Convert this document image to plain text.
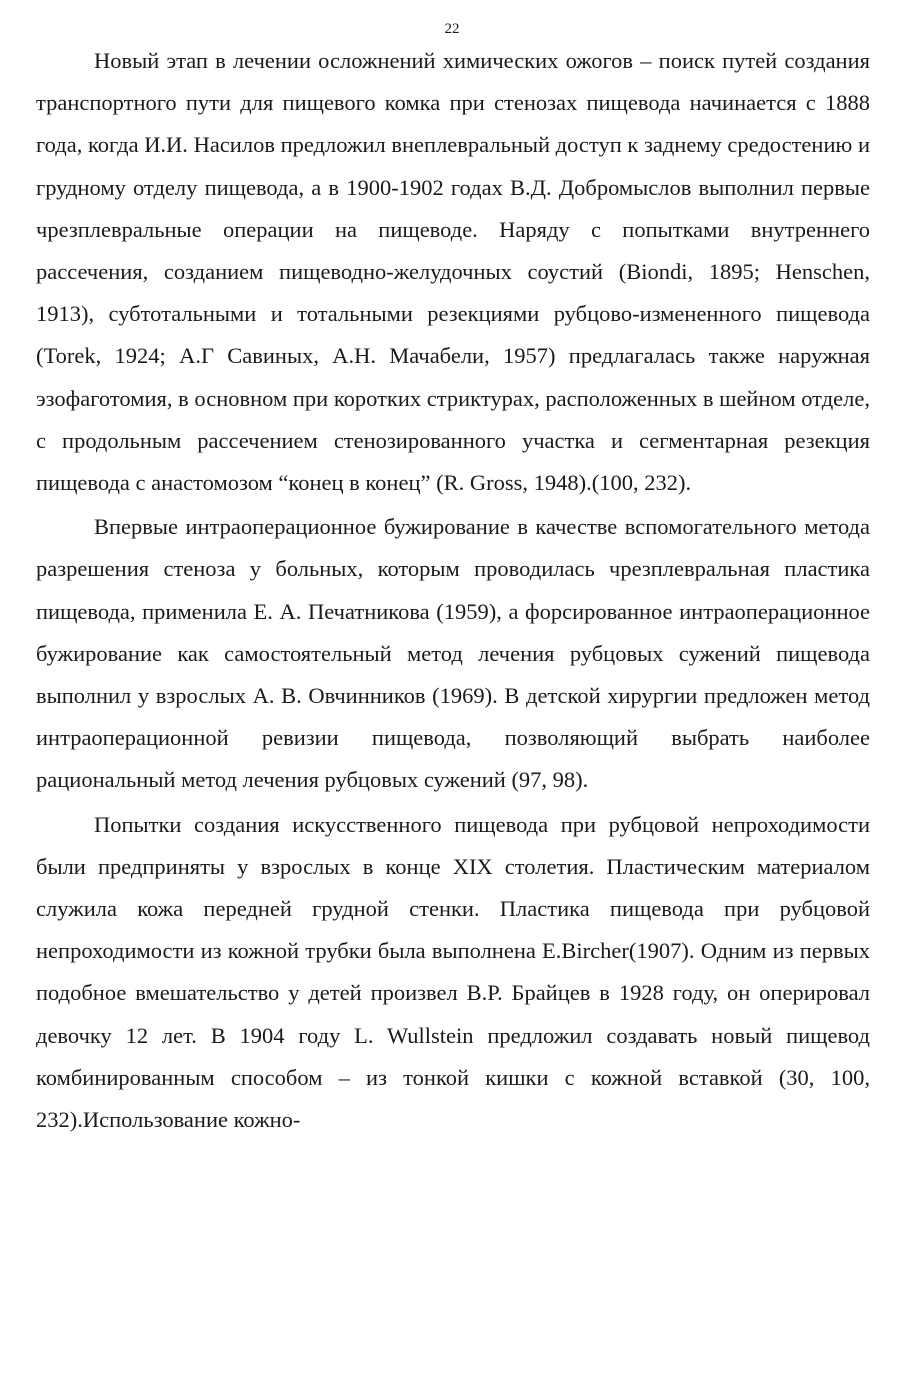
22

Новый этап в лечении осложнений химических ожогов – поиск путей создания транспортного пути для пищевого комка при стенозах пищевода начинается с 1888 года, когда И.И. Насилов предложил внеплевральный доступ к заднему средостению и грудному отделу пищевода, а в 1900-1902 годах В.Д. Добромыслов выполнил первые чрезплевральные операции на пищеводе. Наряду с попытками внутреннего рассечения, созданием пищеводно-желудочных соустий (Biondi, 1895; Henschen, 1913), субтотальными и тотальными резекциями рубцово-измененного пищевода (Torek, 1924; А.Г Савиных, А.Н. Мачабели, 1957) предлагалась также наружная эзофаготомия, в основном при коротких стриктурах, расположенных в шейном отделе, с продольным рассечением стенозированного участка и сегментарная резекция пищевода с анастомозом “конец в конец” (R. Gross, 1948).(100, 232).

Впервые интраоперационное бужирование в качестве вспомогательного метода разрешения стеноза у больных, которым проводилась чрезплевральная пластика пищевода, применила Е. А. Печатникова (1959), а форсированное интраоперационное бужирование как самостоятельный метод лечения рубцовых сужений пищевода выполнил у взрослых А. В. Овчинников (1969). В детской хирургии предложен метод интраоперационной ревизии пищевода, позволяющий выбрать наиболее рациональный метод лечения рубцовых сужений (97, 98).

Попытки создания искусственного пищевода при рубцовой непроходимости были предприняты у взрослых в конце XIX столетия. Пластическим материалом служила кожа передней грудной стенки. Пластика пищевода при рубцовой непроходимости из кожной трубки была выполнена E.Bircher(1907). Одним из первых подобное вмешательство у детей произвел В.Р. Брайцев в 1928 году, он оперировал девочку 12 лет. В 1904 году L. Wullstein предложил создавать новый пищевод комбинированным способом – из тонкой кишки с кожной вставкой (30, 100, 232).Использование кожно-
